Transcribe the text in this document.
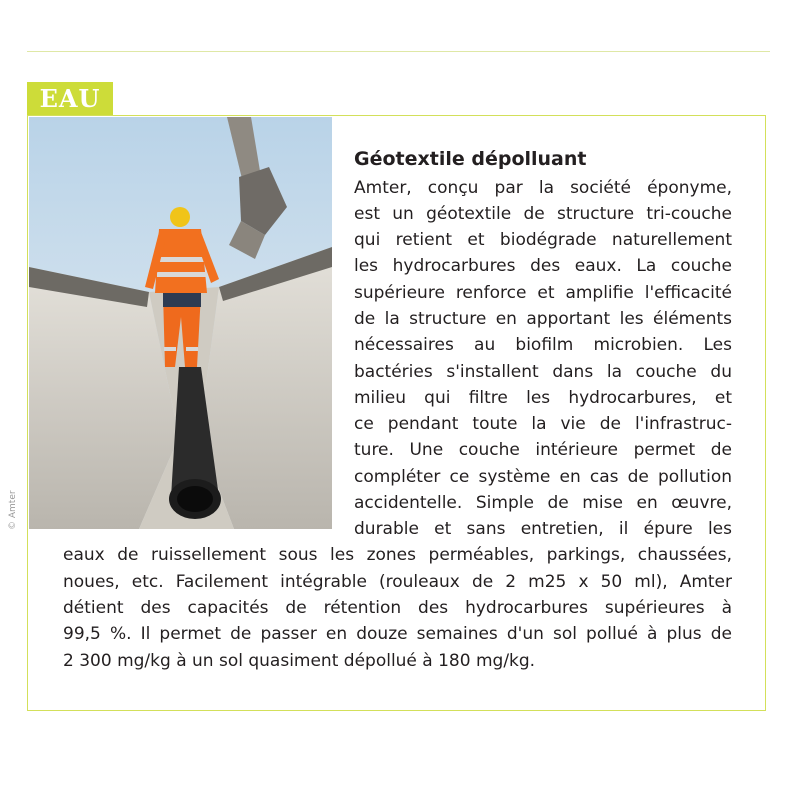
EAU
© Amter
Géotextile dépolluant
Amter, conçu par la société éponyme,
est un géotextile de structure tri-couche
qui retient et biodégrade naturellement
les hydrocarbures des eaux. La couche
supérieure renforce et amplifie l'efficacité
de la structure en apportant les éléments
nécessaires au biofilm microbien. Les
bactéries s'installent dans la couche du
milieu qui filtre les hydrocarbures, et
ce pendant toute la vie de l'infrastruc-
ture. Une couche intérieure permet de
compléter ce système en cas de pollution
accidentelle. Simple de mise en œuvre,
durable et sans entretien, il épure les
eaux de ruissellement sous les zones perméables, parkings, chaussées,
noues, etc. Facilement intégrable (rouleaux de 2 m25 x 50 ml), Amter
détient des capacités de rétention des hydrocarbures supérieures à
99,5 %. Il permet de passer en douze semaines d'un sol pollué à plus de
2 300 mg/kg à un sol quasiment dépollué à 180 mg/kg.
